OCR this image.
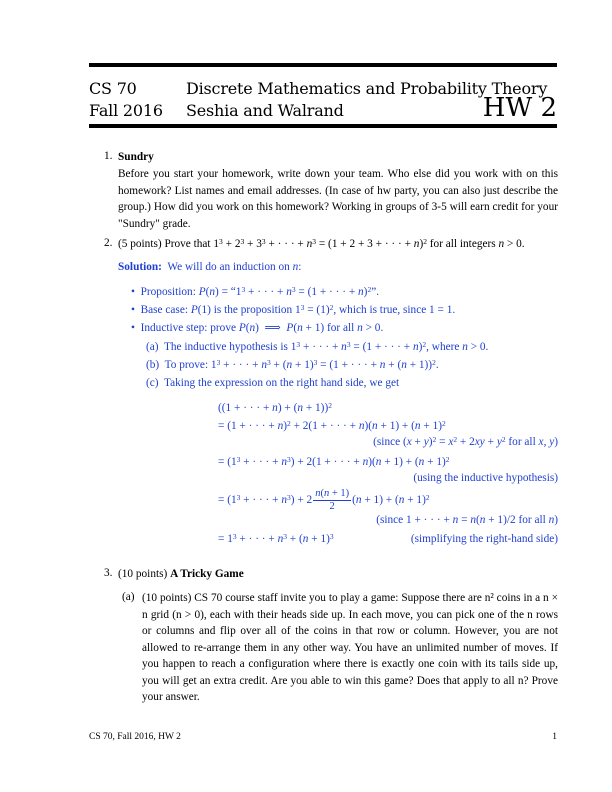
CS 70
Fall 2016
Discrete Mathematics and Probability Theory
Seshia and Walrand	HW 2
1. Sundry
Before you start your homework, write down your team. Who else did you work with on this homework? List names and email addresses. (In case of hw party, you can also just describe the group.) How did you work on this homework? Working in groups of 3-5 will earn credit for your "Sundry" grade.
2. (5 points) Prove that $1^3 + 2^3 + 3^3$ + · · · + $n^3 = (1 + 2 + 3$ + · · · + n)$^2$ for all integers n > 0.
Solution: We will do an induction on n:
•  Proposition: $P(n) = “1^3$ + · · · + $n^3 = (1$ + · · · + n)$^2$”.
•  Base case: P(1) is the proposition $1^3 = (1)^2$, which is true, since 1 = 1.
•  Inductive step: prove P(n)  ⟹  P(n + 1) for all n > 0.
(a) The inductive hypothesis is $1^3$ + · · · + $n^3 = (1$ + · · · + n)$^2$, where n > 0.
(b) To prove: $1^3$ + · · · + $n^3 + (n + 1)^3 = (1$ + · · · + n + (n + 1))$^2$.
(c) Taking the expression on the right hand side, we get
((1 + · · · + n) + (n + 1))$^2$
= (1 + · · · + n)$^2$ + 2(1 + · · · + $n)(n + 1) + (n + 1)^2$
(since $(x + y)^2 = x^2 + 2xy + y^2$ for all x, y)
= ($1^3$ + · · · + $n^3) + 2(1$ + · · · + $n)(n + 1) + (n + 1)^2$
(using the inductive hypothesis)
= ($1^3$ + · · · + $n^3) + 2 \frac{n(n + 1)}{2} (n + 1) + (n + 1)^2$
(since 1 + · · · + n = n(n + 1)/2 for all n)
= $1^3$ + · · · + $n^3 + (n + 1)^3$	(simplifying the right-hand side)
3. (10 points) A Tricky Game
(a) (10 points) CS 70 course staff invite you to play a game: Suppose there are n² coins in a n × n grid (n > 0), each with their heads side up. In each move, you can pick one of the n rows or columns and flip over all of the coins in that row or column. However, you are not allowed to re-arrange them in any other way. You have an unlimited number of moves. If you happen to reach a configuration where there is exactly one coin with its tails side up, you will get an extra credit. Are you able to win this game? Does that apply to all n? Prove your answer.
CS 70, Fall 2016, HW 2	1
